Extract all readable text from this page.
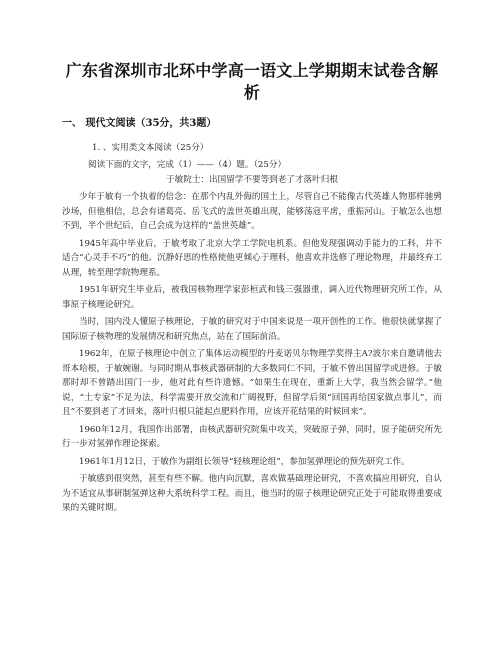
广东省深圳市北环中学高一语文上学期期末试卷含解析
一、 现代文阅读（35分，共3题）
1. 、实用类文本阅读（25分）
阅读下面的文字，完成（1）——（4）题。（25分）
于敏院士：出国留学不要等到老了才落叶归根

少年于敏有一个执着的信念：在那个内乱外侮的国土上，尽管自己不能像古代英雄人物那样驰骋沙场，但他相信，总会有诸葛亮、岳飞式的盖世英雄出现，能够荡寇平虏，重振河山。于敏怎么也想不到，半个世纪后，自己会成为这样的“盖世英雄”。

1945年高中毕业后，于敏考取了北京大学工学院电机系。但他发现强调动手能力的工科，并不适合“心灵手不巧”的他。沉静好思的性格使他更倾心于理科，他喜欢并选修了理论物理，并最终弃工从理，转至理学院物理系。

1951年研究生毕业后，被我国核物理学家彭桓武和钱三强器重，调入近代物理研究所工作，从事原子核理论研究。

当时，国内没人懂原子核理论，于敏的研究对于中国来说是一项开创性的工作。他很快就掌握了国际原子核物理的发展情况和研究焦点，站在了国际前沿。

1962年，在原子核理论中创立了集体运动模型的丹麦诺贝尔物理学奖得主A?波尔来自邀请他去哥本哈根，于敏婉谢。与同时期从事核武器研制的大多数同仁不同，于敏不曾出国留学或进修。于敏那时却不曾踏出国门一步，他对此有些许遗憾。“如果生在现在，重新上大学，我当然会留学。”他说，“土专家”不足为法，科学需要开放交流和广阔视野，但留学后须“回国再给国家做点事儿”，而且“不要到老了才回来，落叶归根只能起点肥料作用，应该开花结果的时候回来”。

1960年12月，我国作出部署，由核武器研究院集中攻关，突破原子弹，同时，原子能研究所先行一步对氢弹作理论探索。

1961年1月12日，于敏作为副组长领导“轻核理论组”，参加氢弹理论的预先研究工作。

于敏感到很突然，甚至有些不解。他内向沉默，喜欢做基础理论研究，不喜欢搞应用研究，自认为不适宜从事研制氢弹这种大系统科学工程。而且，他当时的原子核理论研究正处于可能取得重要成果的关键时期。
